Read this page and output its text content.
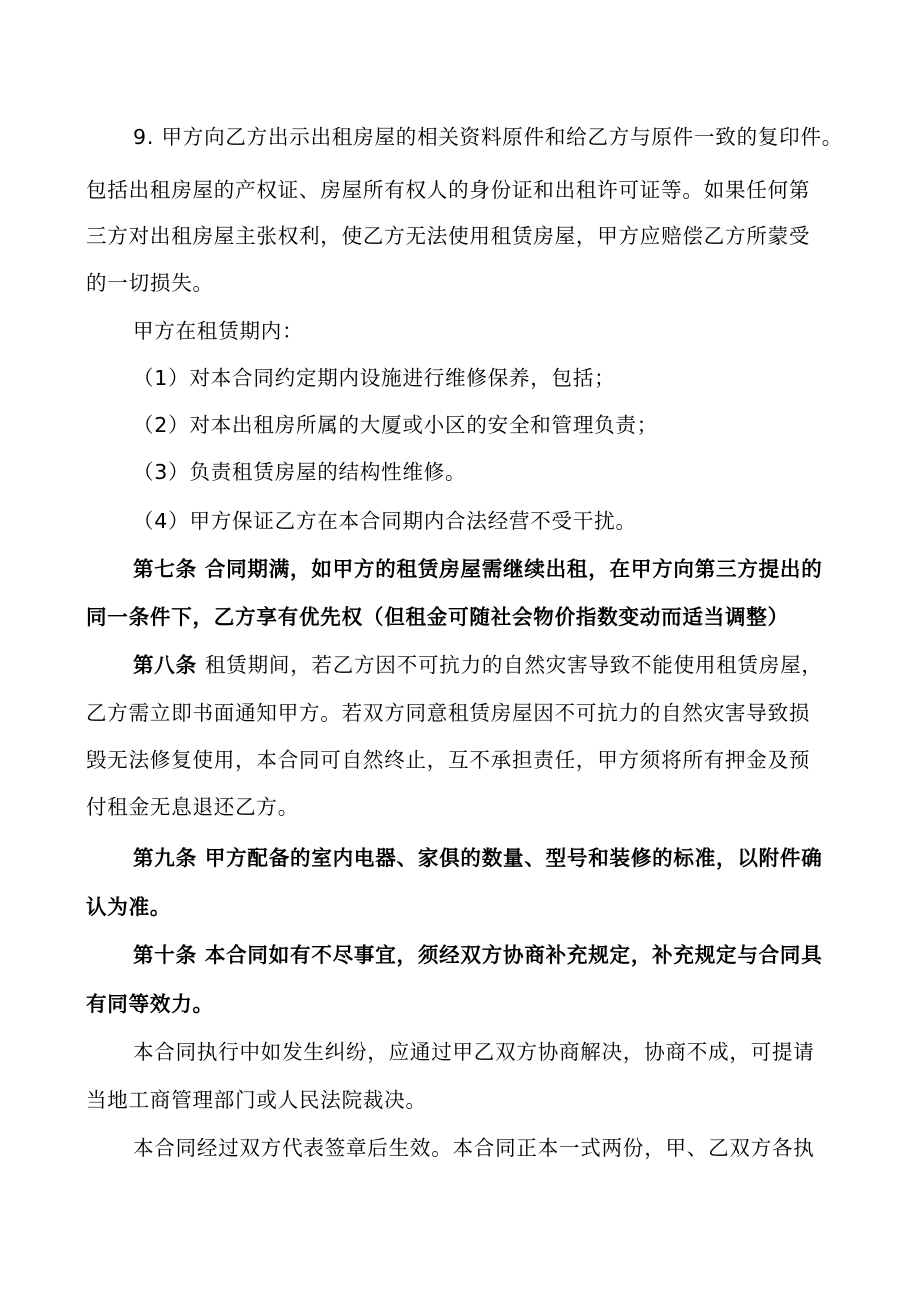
9. 甲方向乙方出示出租房屋的相关资料原件和给乙方与原件一致的复印件。
包括出租房屋的产权证、房屋所有权人的身份证和出租许可证等。如果任何第
三方对出租房屋主张权利，使乙方无法使用租赁房屋，甲方应赔偿乙方所蒙受
的一切损失。
甲方在租赁期内：
（1）对本合同约定期内设施进行维修保养，包括；
（2）对本出租房所属的大厦或小区的安全和管理负责；
（3）负责租赁房屋的结构性维修。
（4）甲方保证乙方在本合同期内合法经营不受干扰。
第七条 合同期满，如甲方的租赁房屋需继续出租，在甲方向第三方提出的
同一条件下，乙方享有优先权（但租金可随社会物价指数变动而适当调整）
第八条 租赁期间，若乙方因不可抗力的自然灾害导致不能使用租赁房屋，
乙方需立即书面通知甲方。若双方同意租赁房屋因不可抗力的自然灾害导致损
毁无法修复使用，本合同可自然终止，互不承担责任，甲方须将所有押金及预
付租金无息退还乙方。
第九条 甲方配备的室内电器、家俱的数量、型号和装修的标准，以附件确
认为准。
第十条 本合同如有不尽事宜，须经双方协商补充规定，补充规定与合同具
有同等效力。
本合同执行中如发生纠纷，应通过甲乙双方协商解决，协商不成，可提请
当地工商管理部门或人民法院裁决。
本合同经过双方代表签章后生效。本合同正本一式两份，甲、乙双方各执
